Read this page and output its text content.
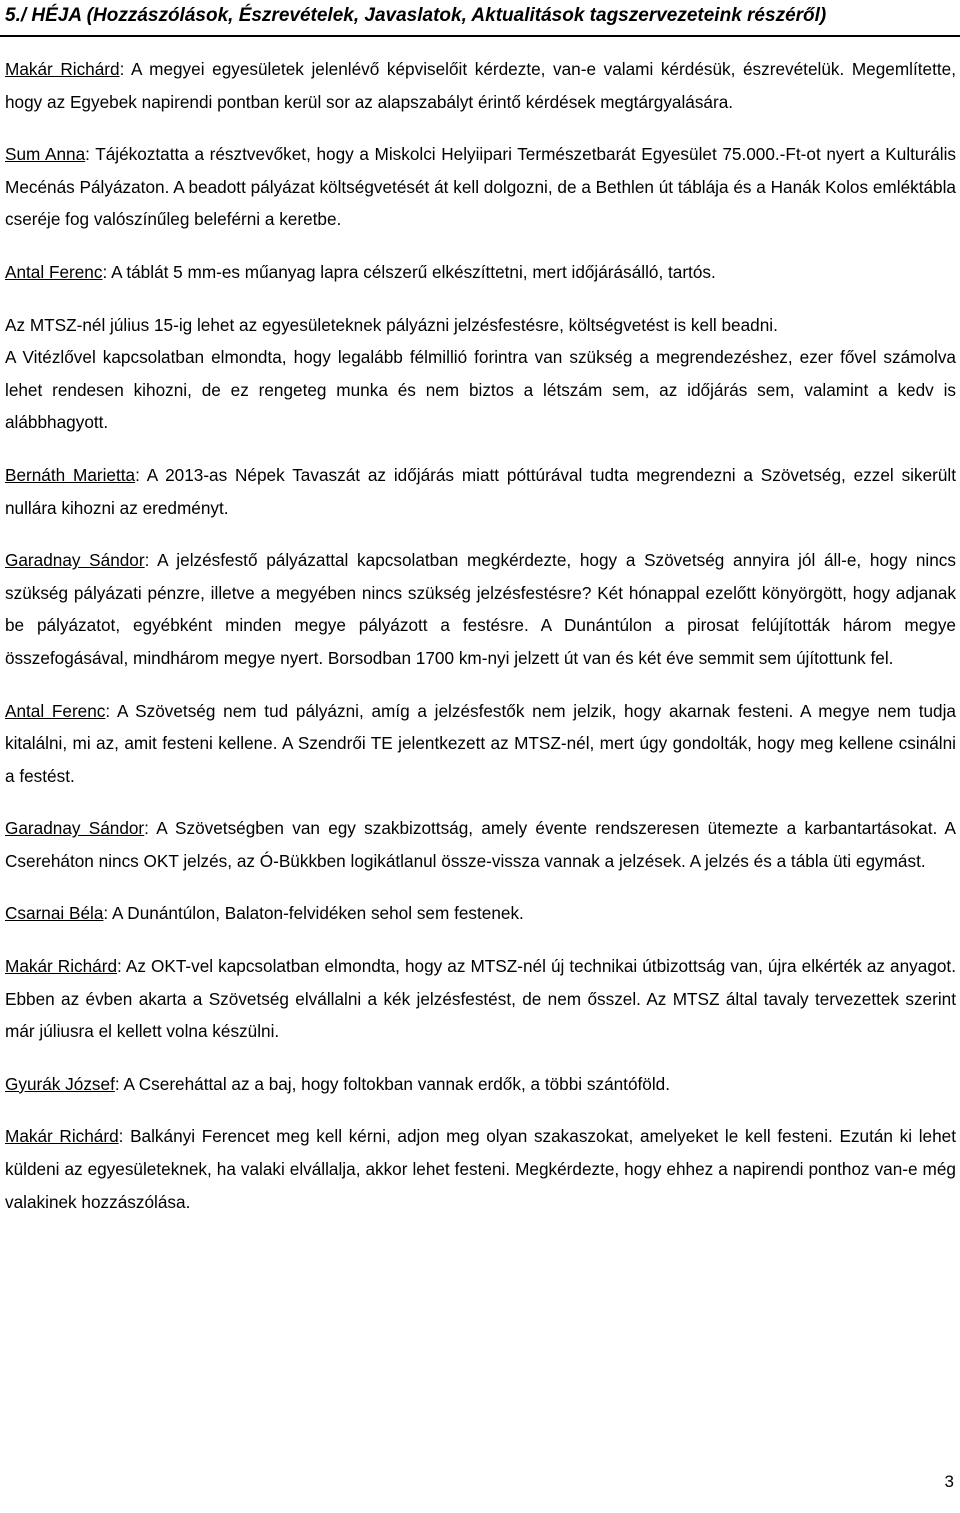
5./ HÉJA (Hozzászólások, Észrevételek, Javaslatok, Aktualitások tagszervezeteink részéről)

Makár Richárd: A megyei egyesületek jelenlévő képviselőit kérdezte, van-e valami kérdésük, észrevételük. Megemlítette, hogy az Egyebek napirendi pontban kerül sor az alapszabályt érintő kérdések megtárgyalására.

Sum Anna: Tájékoztatta a résztvevőket, hogy a Miskolci Helyiipari Természetbarát Egyesület 75.000.-Ft-ot nyert a Kulturális Mecénás Pályázaton. A beadott pályázat költségvetését át kell dolgozni, de a Bethlen út táblája és a Hanák Kolos emléktábla cseréje fog valószínűleg beleférni a keretbe.

Antal Ferenc: A táblát 5 mm-es műanyag lapra célszerű elkészíttetni, mert időjárásálló, tartós.

Az MTSZ-nél július 15-ig lehet az egyesületeknek pályázni jelzésfestésre, költségvetést is kell beadni.

A Vitézlővel kapcsolatban elmondta, hogy legalább félmillió forintra van szükség a megrendezéshez, ezer fővel számolva lehet rendesen kihozni, de ez rengeteg munka és nem biztos a létszám sem, az időjárás sem, valamint a kedv is alábbhagyott.

Bernáth Marietta: A 2013-as Népek Tavaszát az időjárás miatt póttúrával tudta megrendezni a Szövetség, ezzel sikerült nullára kihozni az eredményt.

Garadnay Sándor: A jelzésfestő pályázattal kapcsolatban megkérdezte, hogy a Szövetség annyira jól áll-e, hogy nincs szükség pályázati pénzre, illetve a megyében nincs szükség jelzésfestésre? Két hónappal ezelőtt könyörgött, hogy adjanak be pályázatot, egyébként minden megye pályázott a festésre. A Dunántúlon a pirosat felújították három megye összefogásával, mindhárom megye nyert. Borsodban 1700 km-nyi jelzett út van és két éve semmit sem újítottunk fel.

Antal Ferenc: A Szövetség nem tud pályázni, amíg a jelzésfestők nem jelzik, hogy akarnak festeni. A megye nem tudja kitalálni, mi az, amit festeni kellene. A Szendrői TE jelentkezett az MTSZ-nél, mert úgy gondolták, hogy meg kellene csinálni a festést.

Garadnay Sándor: A Szövetségben van egy szakbizottság, amely évente rendszeresen ütemezte a karbantartásokat. A Csereháton nincs OKT jelzés, az Ó-Bükkben logikátlanul össze-vissza vannak a jelzések. A jelzés és a tábla üti egymást.

Csarnai Béla: A Dunántúlon, Balaton-felvidéken sehol sem festenek.

Makár Richárd: Az OKT-vel kapcsolatban elmondta, hogy az MTSZ-nél új technikai útbizottság van, újra elkérték az anyagot. Ebben az évben akarta a Szövetség elvállalni a kék jelzésfestést, de nem ősszel. Az MTSZ által tavaly tervezettek szerint már júliusra el kellett volna készülni.

Gyurák József: A Csereháttal az a baj, hogy foltokban vannak erdők, a többi szántóföld.

Makár Richárd: Balkányi Ferencet meg kell kérni, adjon meg olyan szakaszokat, amelyeket le kell festeni. Ezután ki lehet küldeni az egyesületeknek, ha valaki elvállalja, akkor lehet festeni. Megkérdezte, hogy ehhez a napirendi ponthoz van-e még valakinek hozzászólása.

3
